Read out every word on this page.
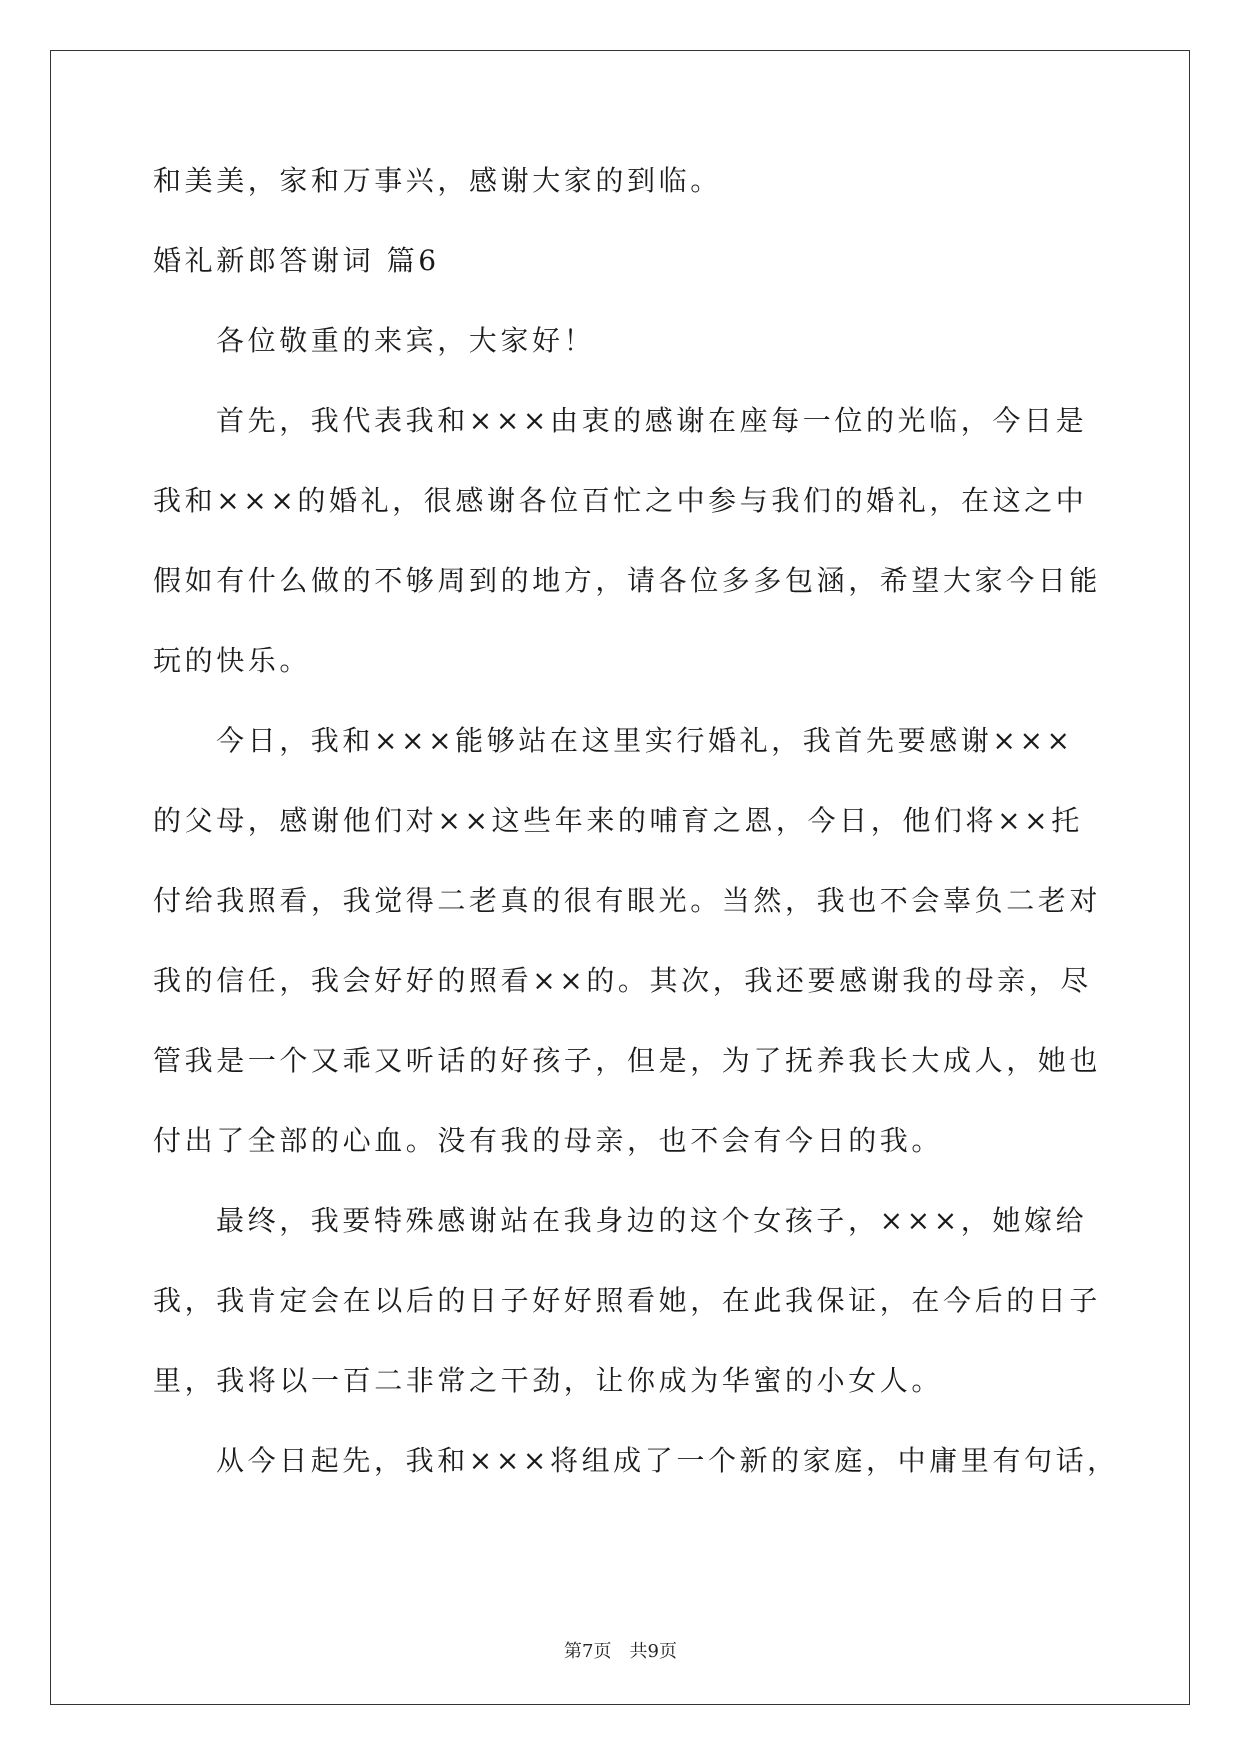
和美美，家和万事兴，感谢大家的到临。
婚礼新郎答谢词 篇6
各位敬重的来宾，大家好！
首先，我代表我和×××由衷的感谢在座每一位的光临，今日是
我和×××的婚礼，很感谢各位百忙之中参与我们的婚礼，在这之中
假如有什么做的不够周到的地方，请各位多多包涵，希望大家今日能
玩的快乐。
今日，我和×××能够站在这里实行婚礼，我首先要感谢×××
的父母，感谢他们对××这些年来的哺育之恩，今日，他们将××托
付给我照看，我觉得二老真的很有眼光。当然，我也不会辜负二老对
我的信任，我会好好的照看××的。其次，我还要感谢我的母亲，尽
管我是一个又乖又听话的好孩子，但是，为了抚养我长大成人，她也
付出了全部的心血。没有我的母亲，也不会有今日的我。
最终，我要特殊感谢站在我身边的这个女孩子，×××，她嫁给
我，我肯定会在以后的日子好好照看她，在此我保证，在今后的日子
里，我将以一百二非常之干劲，让你成为华蜜的小女人。
从今日起先，我和×××将组成了一个新的家庭，中庸里有句话，
第7页　共9页
